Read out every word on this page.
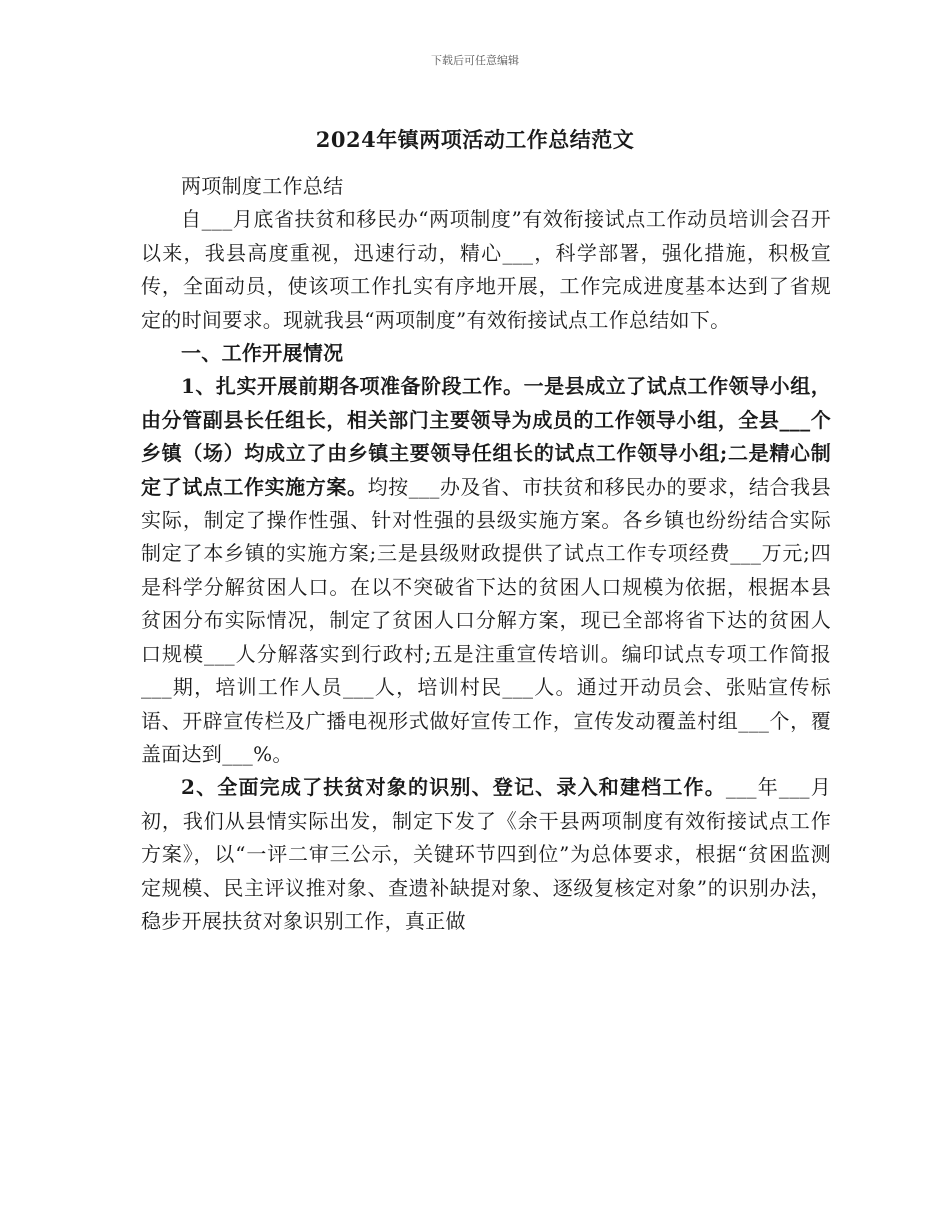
下载后可任意编辑
2024年镇两项活动工作总结范文

两项制度工作总结

自___月底省扶贫和移民办“两项制度”有效衔接试点工作动员培训会召开以来，我县高度重视，迅速行动，精心___，科学部署，强化措施，积极宣传，全面动员，使该项工作扎实有序地开展，工作完成进度基本达到了省规定的时间要求。现就我县“两项制度”有效衔接试点工作总结如下。

一、工作开展情况

1、扎实开展前期各项准备阶段工作。一是县成立了试点工作领导小组，由分管副县长任组长，相关部门主要领导为成员的工作领导小组，全县___个乡镇（场）均成立了由乡镇主要领导任组长的试点工作领导小组;二是精心制定了试点工作实施方案。均按___办及省、市扶贫和移民办的要求，结合我县实际，制定了操作性强、针对性强的县级实施方案。各乡镇也纷纷结合实际制定了本乡镇的实施方案;三是县级财政提供了试点工作专项经费___万元;四是科学分解贫困人口。在以不突破省下达的贫困人口规模为依据，根据本县贫困分布实际情况，制定了贫困人口分解方案，现已全部将省下达的贫困人口规模___人分解落实到行政村;五是注重宣传培训。编印试点专项工作简报___期，培训工作人员___人，培训村民___人。通过开动员会、张贴宣传标语、开辟宣传栏及广播电视形式做好宣传工作，宣传发动覆盖村组___个，覆盖面达到___%。

2、全面完成了扶贫对象的识别、登记、录入和建档工作。___年___月初，我们从县情实际出发，制定下发了《余干县两项制度有效衔接试点工作方案》，以“一评二审三公示，关键环节四到位”为总体要求，根据“贫困监测定规模、民主评议推对象、查遗补缺提对象、逐级复核定对象”的识别办法，稳步开展扶贫对象识别工作，真正做
